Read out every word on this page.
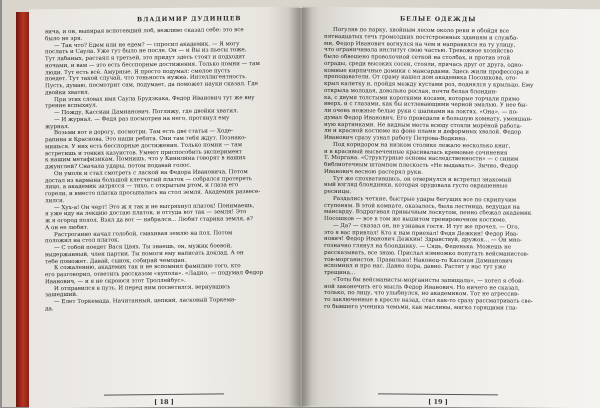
ВЛАДИМИР ДУДИНЦЕВ
вича, и он, выпирая вспотевший лоб, вежливо сказал себе: это все
было не зря.
— Так что? Едем или не едем? — спросил академик. — Я могу
послать и Саула. Уже тут было не после. Он — и Вы из пьесы тоже,
Тут лабаных, растаял я третьей, это придут здесь стоят и подходят
ночами, и вам — это есть бесспорные достижения. Только помни — там
люди. Тут есть всё. Амурные. Я просто подумал: смелое пусть
поедет. Тут такой случай, что тоньность нужна. Интеллигентность.
Пусть, думаю, посмотрит сам, подумает, да поможет науки сказал. Где
двойки хватил.
При этих словах имя Саула Брудзкака, Федор Иванович тут же вну
тренне вспыхнул.
— Пожду, Кассиан Дамианович. Погляжу, где двойки хватил.
— И журнал. — Федя раз посмотрев на него, протянул ему
журнал.
Возьми вот в дорогу, посмотри. Там есть две статьи — Ходе-
рапина и Краснова. Это наши ребята. Они там тебя ждут. Познако-
мишься. У них есть бесспорные достижения. Только помни — там
встретишь и тонких казуистов. Умеют приспособить эксперимент
к нашим метафизикам. Помнишь, что у Кинилина говорят в наших
джунглей? Сначала удары, потом подавай голос.
Он умолк и стал смотреть с лаской на Федора Ивановича. Потом
достал из кармана большой клетчатый платок — собрался протереть
лицо, а академик затрясся — тихо, с открытым ртом, и глаза его
горели, и вместо платка просыпалась на стол земля. Академик развесе-
лился.
— Хух-а! Он черт! Это ж я так и не вытряхнул платок! Понимаешь,
я уже иду на лекцию достаю платок, и оттуда вот так — земля! Это
ж я огород полол. Взял да вот — набрался... Любит старика земля, а?
А он ее любит.
Растроганно начал голобой, смахивая землю на пол. Потом
положил на стол платок.
— С тобой поедет Вася Цвях. Ты знаешь, он, мужик боевой,
выдержанный, член партии. Ты помоги ему написать доклад. А он
тебе поможет. Давай, сынок, собирай чемодан.
К сожалению, академик так и не вспомнил фамилию того, кто
его разговорил, ответить рассказом «купола». «Ладно, — подумал Федор
Иванович, — и я не скроюся этот Троллейбус».
И отправился в путь. И перед ним посветился, вернувшись
зашедший.
— Елет Торкемада. Начитанный, цепкий, ласковый Торкема-
да.
[ 18 ]
БЕЛЫЕ ОДЕЖДЫ
Погуляв по парку, хвойным лесом около реки и обойдя все
пятнадцатых течь громоздких постстроенных зданиям и служба-
ми, Федор Иванович вогнулся на чем и направился на ту улицу,
что ограничивала институт свою частью. Тревожное хозяйство
было обвешено проволочной сеткой на столбах, и против этой
ограды, среди высоких сосен, стояли, прячась друг от друга, одно-
комные кирпичные домики с мансардами. Здесь жили профессора и
преподаватели. От сраму нашел дом академика Посошкова, ото-
крыл калитку и, пройдя между кустами роз, поднялся у крыльцо. Ему
открыла молодая, довольно рослая, почти белая блондин-
ка, с двумя толстыми короткими косами, которые торчали прямо
вверх, и с глазами, как бы истлевающими черной эмалью. У нее бы-
ли очень нежные белые руки с шапками на локтях. «Она», — по-
думал Федор Иванович. Его проведали в большую комнату, уменшан-
ную картинками. Не видным места всюду стояли морёной работа-
ли и красной костюме на фоне пламя и деформных хвалой. Федор
Иванович сразу узнал работу Петрова-Водкина.
Под коридором на низком столике лежало несколько книг,
и в красивый высвеченные красивалась кремовые сочинения
Т. Моргана. «Структурные основы наследственности» — с синим
библиотечным штампом плескость «Не выдавать». Зычно, Федор
Иванович весною растерял руки.
Тут же спохватившись, он отвернулся и встретил знакомый
ный взгляд блондинки, которая орудовала густо окрашенные
ресницы.
Раздались четкие, быстрые удары бегущих все по скрипучим
ступеням. В этой комнате, оказалось, была лестница, ведущая на
мансарду. Вздрагивая привычным лоскутом, пенно сбежал академик
Посошков — все в том же вышитом тренировочном костюме.
— Да? — сказал он, не узнавая гостя. И тут же прочел. — Ого,
это я вас привлал! Кто к нам приехал! Федя Дежкин! Федор Ива-
нович! Федор Иванович Дежкин! Здравствуй, дружок... — Он мно-
гозначно глянул на блондинку. — Сядь, Феденька. Можешь не
рассказывать, все знаю. Прислал нэмножко попугать вейсманистов-
тов-морганистов. Правильно! Наконец-то Кассиан Дамианович
вспомнил и про нас. Давно пора, давно. Растят у нас тут уже
трещина...
«Тоты бы вейсманисты-морганисты запищала», — хотел я сбой-
ной законечить его мысль Федор Иванович. Но ничего не сказал,
только, по лицу, что улыбнулся, но академиком. Тот не агрессив-
то заключенные в кресле назад, стал как-то сразу рассматривать све-
го бывшего ученика чемьми, как маслины, мягко горящими гла-
[ 19 ]
